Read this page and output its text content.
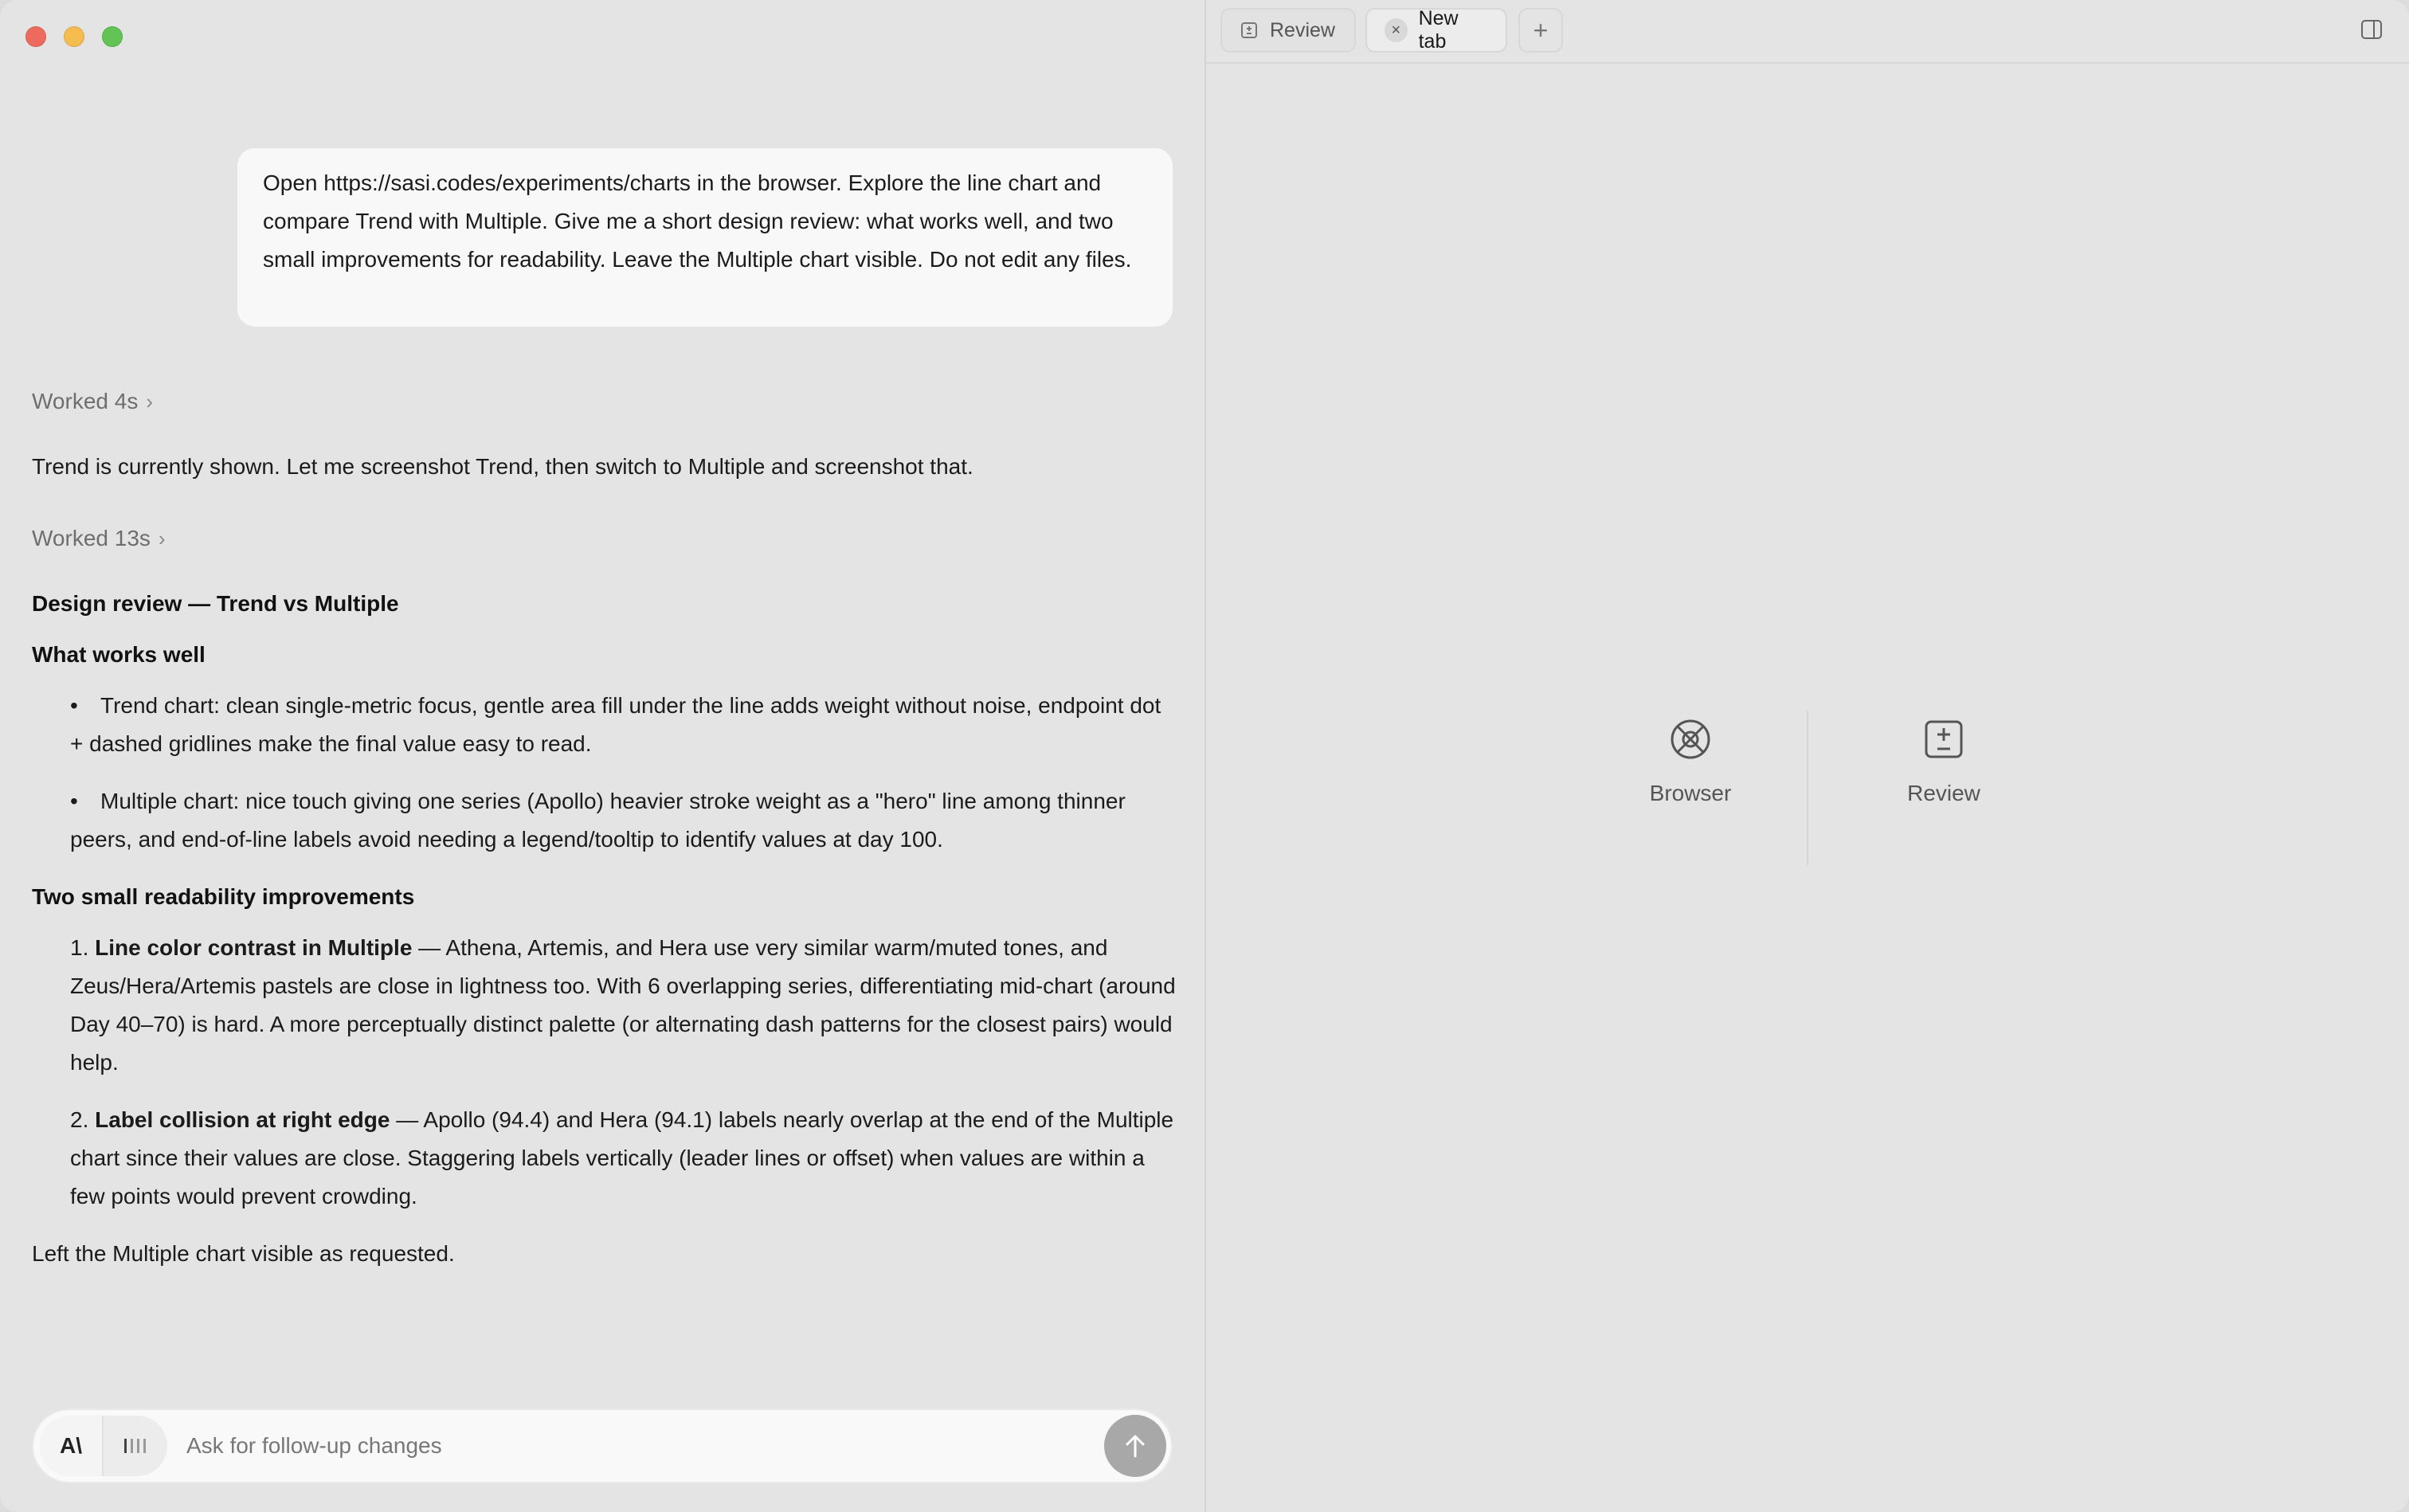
Open https://sasi.codes/experiments/charts in the browser. Explore the line chart and compare Trend with Multiple. Give me a short design review: what works well, and two small improvements for readability. Leave the Multiple chart visible. Do not edit any files.
Worked 4s ›
Trend is currently shown. Let me screenshot Trend, then switch to Multiple and screenshot that.
Worked 13s ›
Design review — Trend vs Multiple
What works well
•	Trend chart: clean single-metric focus, gentle area fill under the line adds weight without noise, endpoint dot + dashed gridlines make the final value easy to read.
•	Multiple chart: nice touch giving one series (Apollo) heavier stroke weight as a "hero" line among thinner peers, and end-of-line labels avoid needing a legend/tooltip to identify values at day 100.
Two small readability improvements
1. Line color contrast in Multiple — Athena, Artemis, and Hera use very similar warm/muted tones, and Zeus/Hera/Artemis pastels are close in lightness too. With 6 overlapping series, differentiating mid-chart (around Day 40–70) is hard. A more perceptually distinct palette (or alternating dash patterns for the closest pairs) would help.
2. Label collision at right edge — Apollo (94.4) and Hera (94.1) labels nearly overlap at the end of the Multiple chart since their values are close. Staggering labels vertically (leader lines or offset) when values are within a few points would prevent crowding.
Left the Multiple chart visible as requested.
A\
Ask for follow-up changes
Review	×
New tab	+
Browser	Review
